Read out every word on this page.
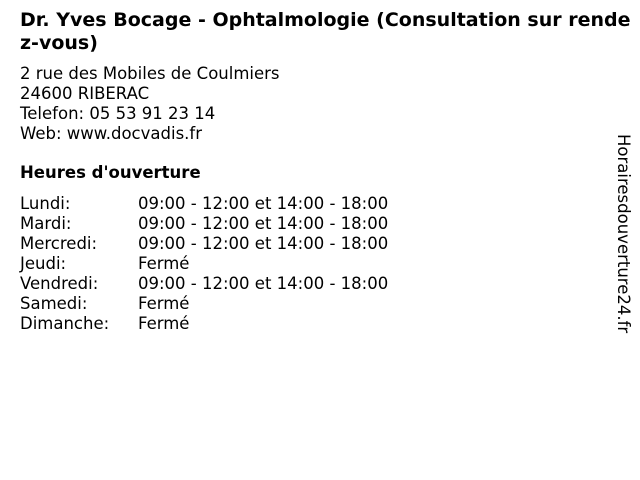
Dr. Yves Bocage - Ophtalmologie (Consultation sur rendez-vous)
2 rue des Mobiles de Coulmiers
24600 RIBERAC
Telefon: 05 53 91 23 14
Web: www.docvadis.fr
Heures d'ouverture
Lundi:	09:00 - 12:00 et 14:00 - 18:00
Mardi:	09:00 - 12:00 et 14:00 - 18:00
Mercredi:	09:00 - 12:00 et 14:00 - 18:00
Jeudi:	Fermé
Vendredi:	09:00 - 12:00 et 14:00 - 18:00
Samedi:	Fermé
Dimanche:	Fermé	Horairesdouverture24.fr
